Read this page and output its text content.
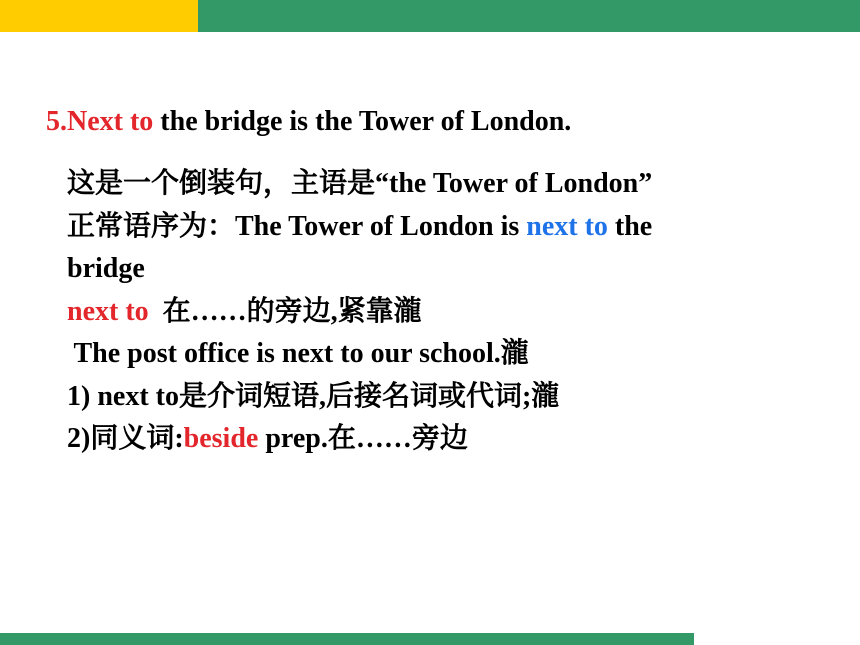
5.Next to the bridge is the Tower of London.
这是一个倒装句，主语是“the Tower of London”
正常语序为：The Tower of London is next to the
bridge
next to  在……的旁边,紧靠瀧
The post office is next to our school.瀧
1) next to是介词短语,后接名词或代词;瀧
2)同义词:beside prep.在……旁边
